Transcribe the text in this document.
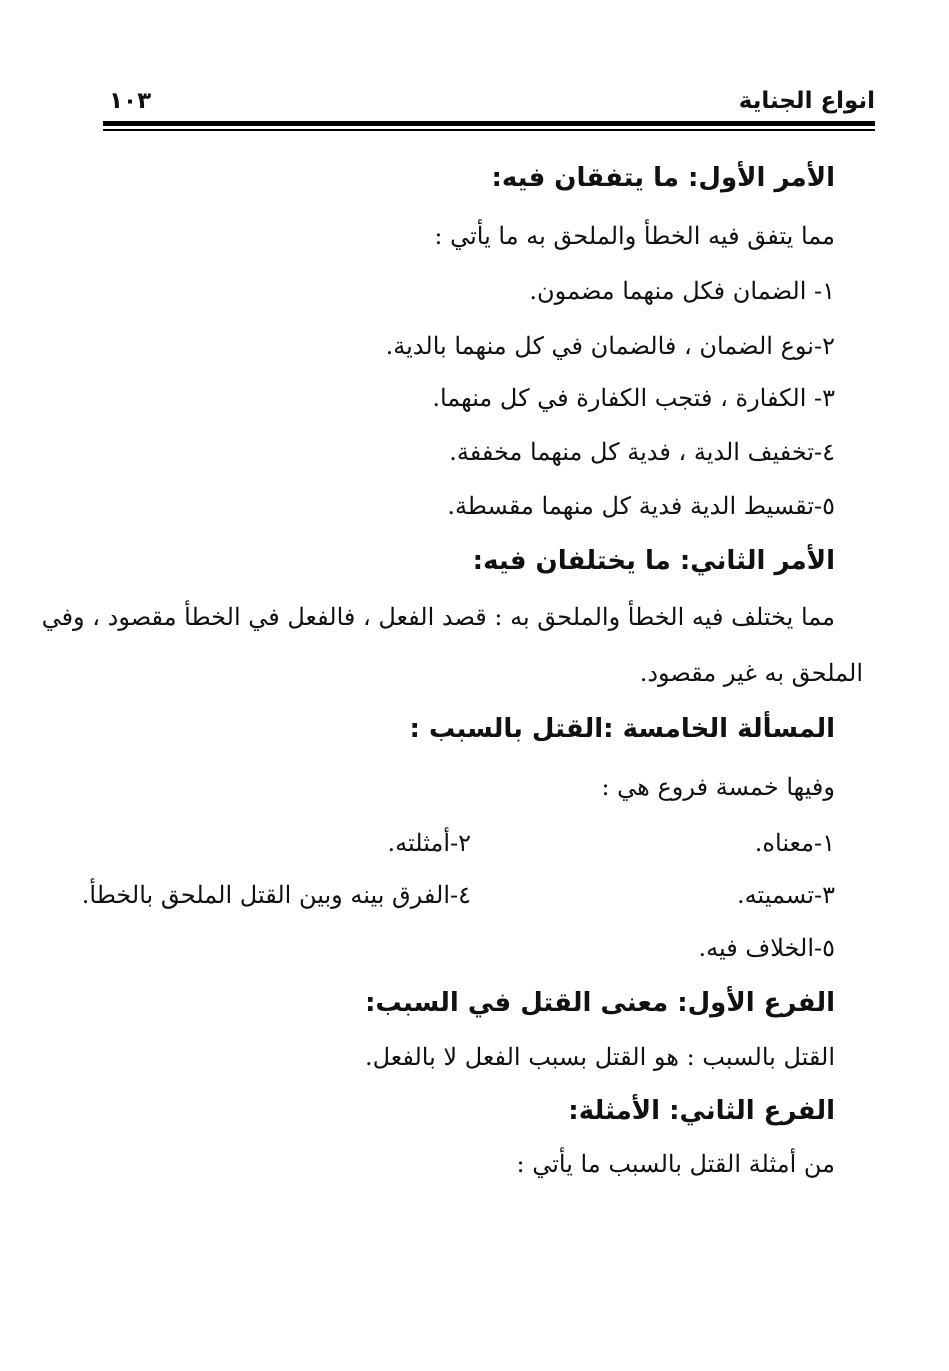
انواع الجناية
١٠٣
الأمر الأول: ما يتفقان فيه:
مما يتفق فيه الخطأ والملحق به ما يأتي :
١- الضمان فكل منهما مضمون.
٢-نوع الضمان ، فالضمان في كل منهما بالدية.
٣- الكفارة ، فتجب الكفارة في كل منهما.
٤-تخفيف الدية ، فدية كل منهما مخففة.
٥-تقسيط الدية فدية كل منهما مقسطة.
الأمر الثاني: ما يختلفان فيه:
مما يختلف فيه الخطأ والملحق به : قصد الفعل ، فالفعل في الخطأ مقصود ، وفي
الملحق به غير مقصود.
المسألة الخامسة :القتل بالسبب :
وفيها خمسة فروع هي :
١-معناه.
٢-أمثلته.
٣-تسميته.
٤-الفرق بينه وبين القتل الملحق بالخطأ.
٥-الخلاف فيه.
الفرع الأول: معنى القتل في السبب:
القتل بالسبب : هو القتل بسبب الفعل لا بالفعل.
الفرع الثاني: الأمثلة:
من أمثلة القتل بالسبب ما يأتي :
